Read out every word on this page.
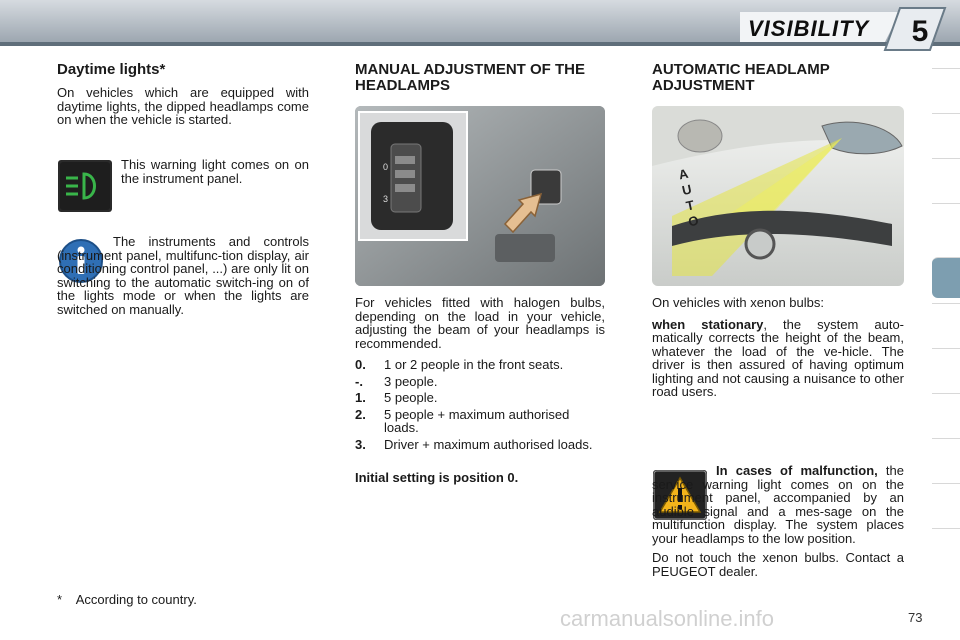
VISIBILITY	5
Daytime lights*

On vehicles which are equipped with daytime lights, the dipped headlamps come on when the vehicle is started.

This warning light comes on on the instrument panel.

The instruments and controls (instrument panel, multifunc-tion display, air conditioning control panel, ...) are only lit on switching to the automatic switch-ing on of the lights mode or when the lights are switched on manually.

* According to country.
MANUAL ADJUSTMENT OF THE HEADLAMPS
0
3

For vehicles fitted with halogen bulbs, depending on the load in your vehicle, adjusting the beam of your headlamps is recommended.

0. 1 or 2 people in the front seats.
-. 3 people.
1. 5 people.
2. 5 people + maximum authorised loads.
3. Driver + maximum authorised loads.

Initial setting is position 0.

AUTOMATIC HEADLAMP ADJUSTMENT
AUTO

On vehicles with xenon bulbs:

when stationary, the system auto-matically corrects the height of the beam, whatever the load of the ve-hicle. The driver is then assured of having optimum lighting and not causing a nuisance to other road users.

In cases of malfunction, the service warning light comes on on the instrument panel, accompanied by an audible signal and a mes-sage on the multifunction display. The system places your headlamps to the low position.

Do not touch the xenon bulbs. Contact a PEUGEOT dealer.

carmanualsonline.info	73
